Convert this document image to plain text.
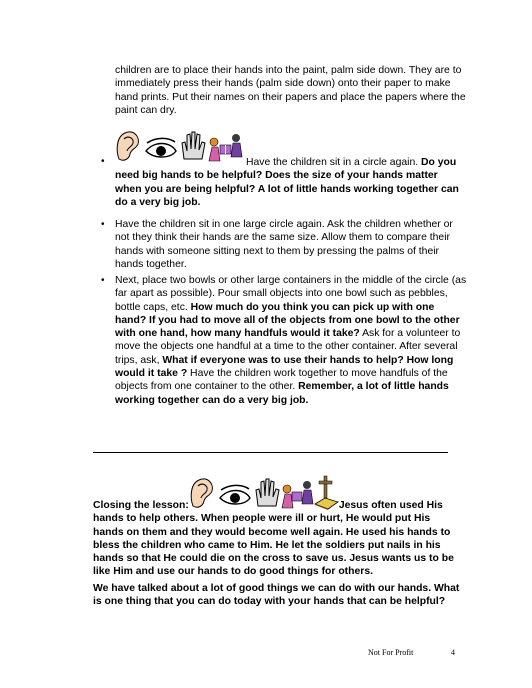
children are to place their hands into the paint, palm side down. They are to immediately press their hands (palm side down) onto their paper to make hand prints. Put their names on their papers and place the papers where the paint can dry.

•	Have the children sit in a circle again. Do you need big hands to be helpful? Does the size of your hands matter when you are being helpful? A lot of little hands working together can do a very big job.

• Have the children sit in one large circle again. Ask the children whether or not they think their hands are the same size. Allow them to compare their hands with someone sitting next to them by pressing the palms of their hands together.

• Next, place two bowls or other large containers in the middle of the circle (as far apart as possible). Pour small objects into one bowl such as pebbles, bottle caps, etc. How much do you think you can pick up with one hand? If you had to move all of the objects from one bowl to the other with one hand, how many handfuls would it take? Ask for a volunteer to move the objects one handful at a time to the other container. After several trips, ask, What if everyone was to use their hands to help? How long would it take ? Have the children work together to move handfuls of the objects from one container to the other. Remember, a lot of little hands working together can do a very big job.

Closing the lesson:	Jesus often used His hands to help others. When people were ill or hurt, He would put His hands on them and they would become well again. He used his hands to bless the children who came to Him. He let the soldiers put nails in his hands so that He could die on the cross to save us. Jesus wants us to be like Him and use our hands to do good things for others.

We have talked about a lot of good things we can do with our hands. What is one thing that you can do today with your hands that can be helpful?

Not For Profit	4
